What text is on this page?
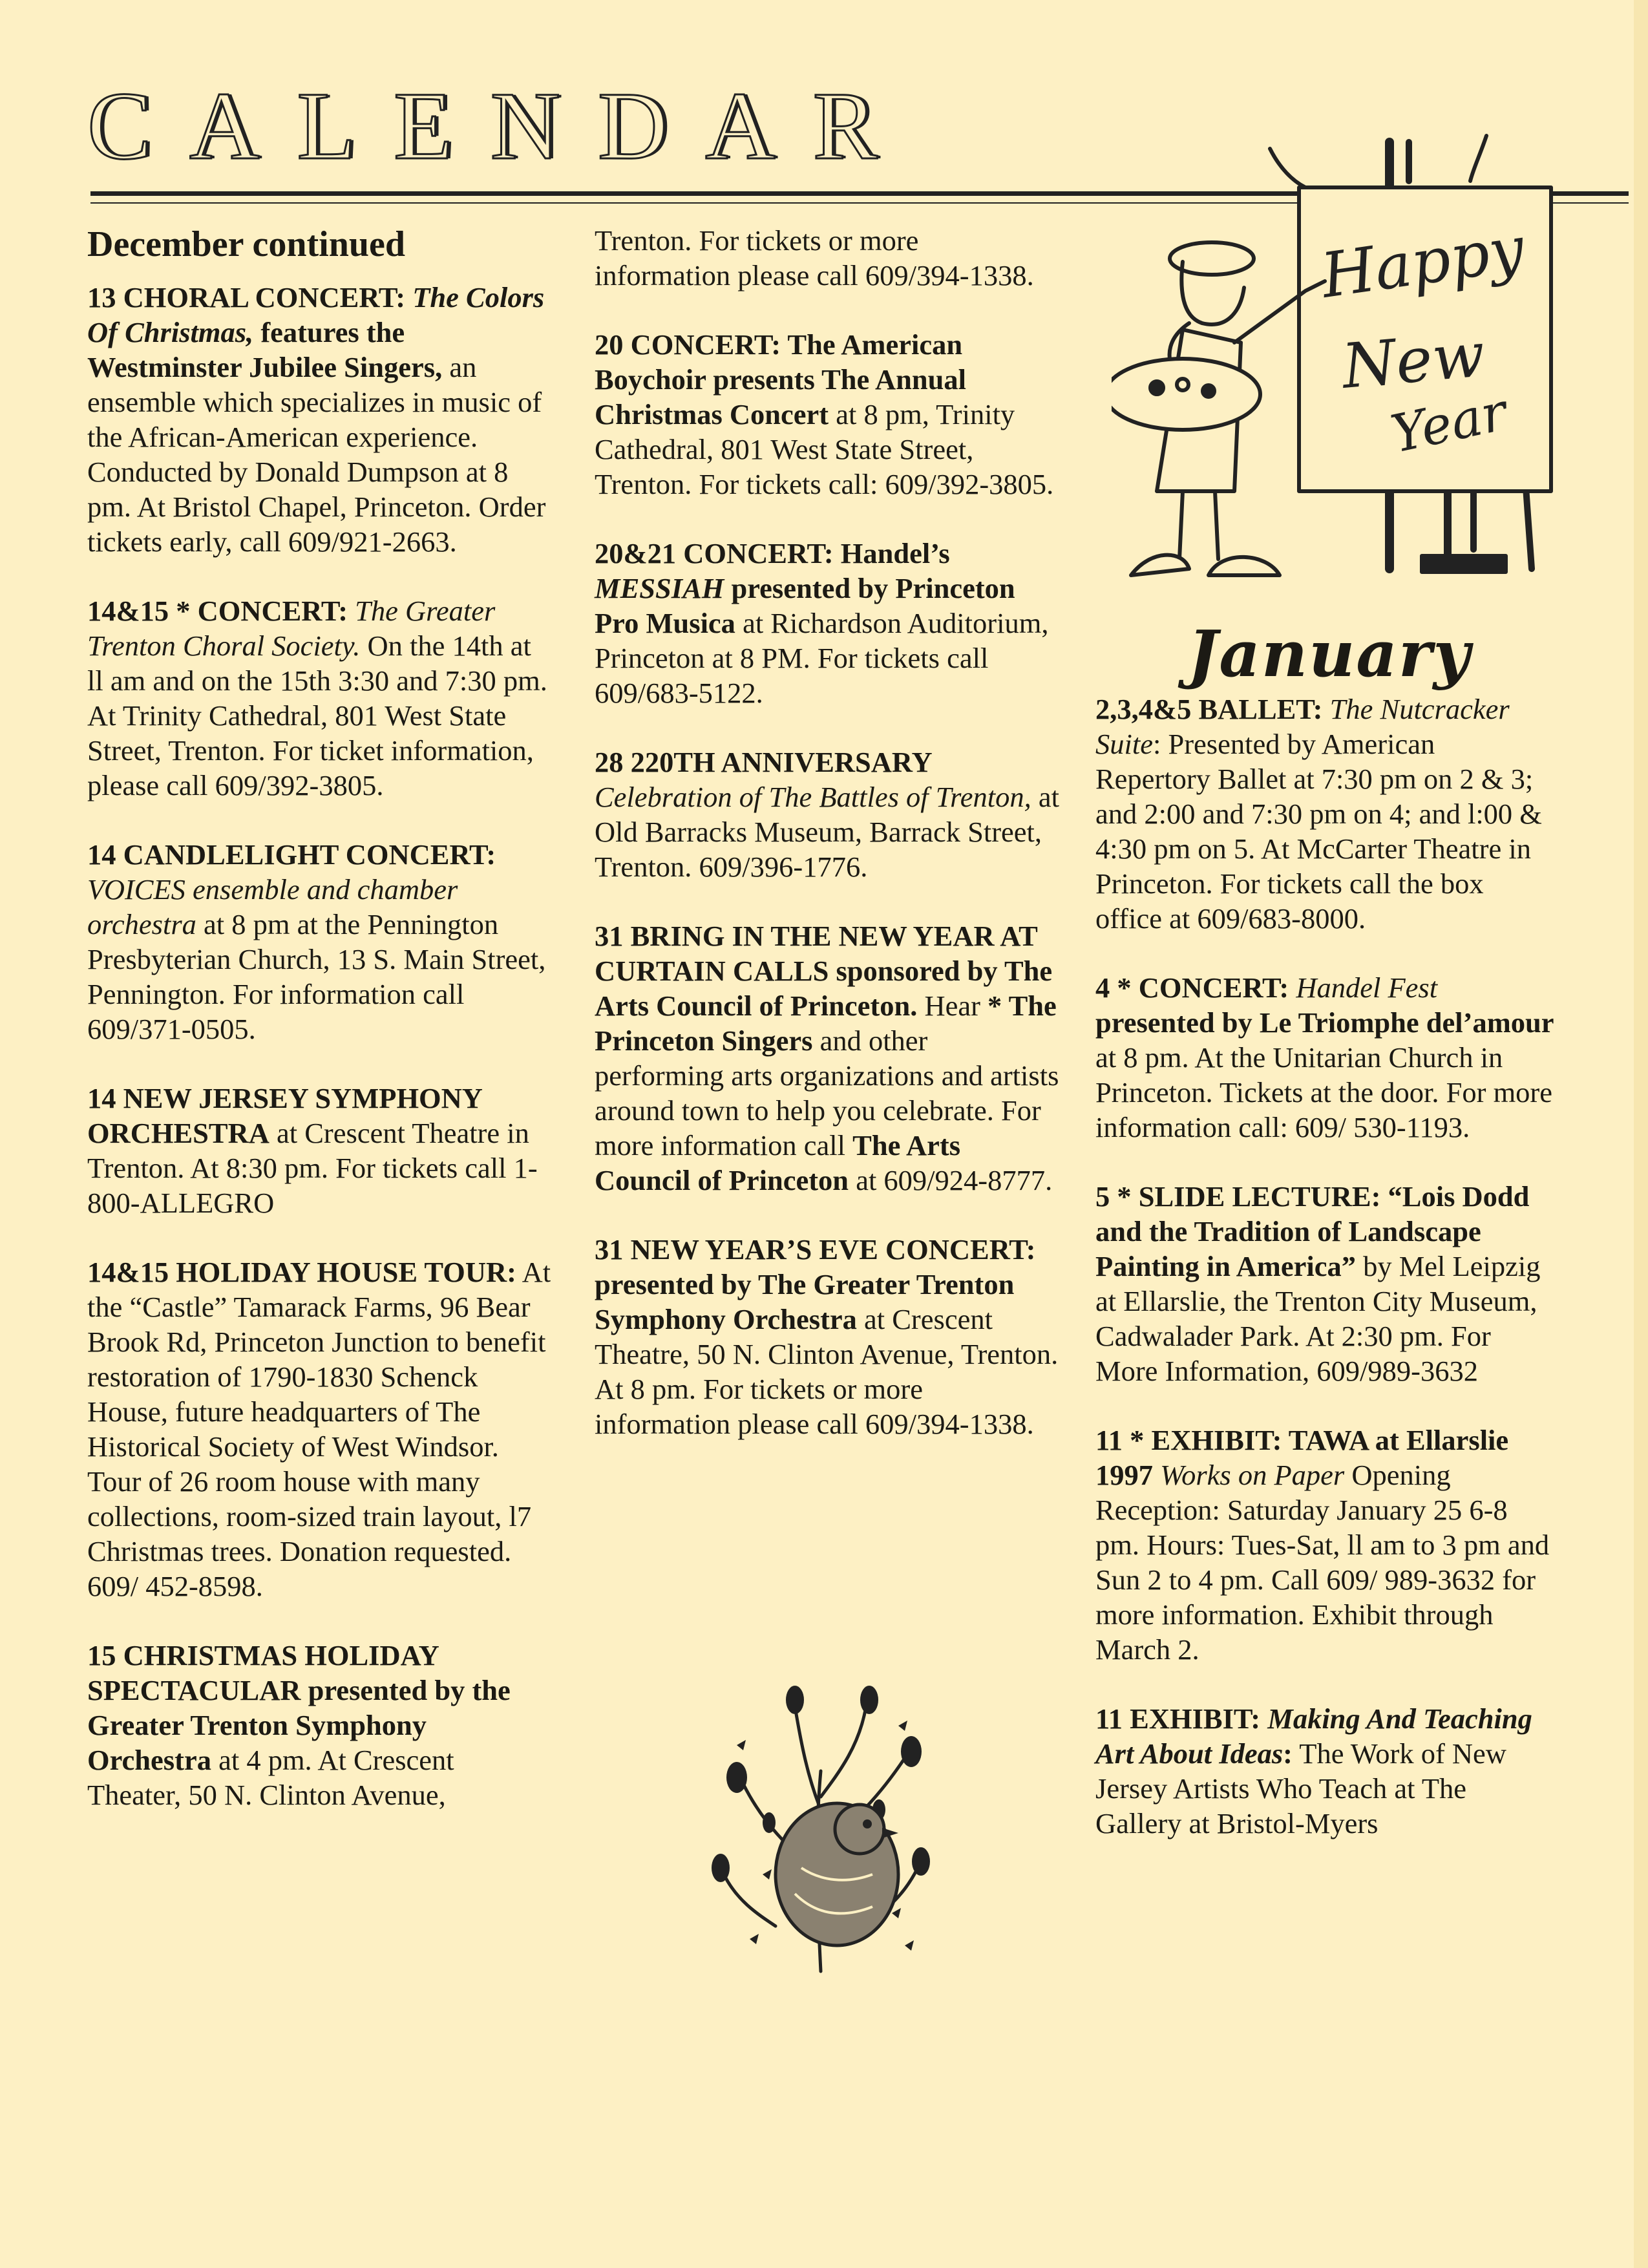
CALENDAR
December continued

13 CHORAL CONCERT: The Colors Of Christmas, features the Westminster Jubilee Singers, an ensemble which specializes in music of the African-American experience. Conducted by Donald Dumpson at 8 pm. At Bristol Chapel, Princeton. Order tickets early, call 609/921-2663.

14&15 * CONCERT: The Greater Trenton Choral Society. On the 14th at ll am and on the 15th 3:30 and 7:30 pm. At Trinity Cathedral, 801 West State Street, Trenton. For ticket information, please call 609/392-3805.

14 CANDLELIGHT CONCERT: VOICES ensemble and chamber orchestra at 8 pm at the Pennington Presbyterian Church, 13 S. Main Street, Pennington. For information call 609/371-0505.

14 NEW JERSEY SYMPHONY ORCHESTRA at Crescent Theatre in Trenton. At 8:30 pm. For tickets call 1-800-ALLEGRO

14&15 HOLIDAY HOUSE TOUR: At the “Castle” Tamarack Farms, 96 Bear Brook Rd, Princeton Junction to benefit restoration of 1790-1830 Schenck House, future headquarters of The Historical Society of West Windsor. Tour of 26 room house with many collections, room-sized train layout, l7 Christmas trees. Donation requested. 609/ 452-8598.

15 CHRISTMAS HOLIDAY SPECTACULAR presented by the Greater Trenton Symphony Orchestra at 4 pm. At Crescent Theater, 50 N. Clinton Avenue,

Trenton. For tickets or more information please call 609/394-1338.

20 CONCERT: The American Boychoir presents The Annual Christmas Concert at 8 pm, Trinity Cathedral, 801 West State Street, Trenton. For tickets call: 609/392-3805.

20&21 CONCERT: Handel’s MESSIAH presented by Princeton Pro Musica at Richardson Auditorium, Princeton at 8 PM. For tickets call 609/683-5122.

28 220TH ANNIVERSARY Celebration of The Battles of Trenton, at Old Barracks Museum, Barrack Street, Trenton. 609/396-1776.

31 BRING IN THE NEW YEAR AT CURTAIN CALLS sponsored by The Arts Council of Princeton. Hear * The Princeton Singers and other performing arts organizations and artists around town to help you celebrate. For more information call The Arts Council of Princeton at 609/924-8777.

31 NEW YEAR’S EVE CONCERT: presented by The Greater Trenton Symphony Orchestra at Crescent Theatre, 50 N. Clinton Avenue, Trenton. At 8 pm. For tickets or more information please call 609/394-1338.

Happy
New
Year
January

2,3,4&5 BALLET: The Nutcracker Suite: Presented by American Repertory Ballet at 7:30 pm on 2 & 3; and 2:00 and 7:30 pm on 4; and l:00 & 4:30 pm on 5. At McCarter Theatre in Princeton. For tickets call the box office at 609/683-8000.

4 * CONCERT: Handel Fest presented by Le Triomphe del’amour at 8 pm. At the Unitarian Church in Princeton. Tickets at the door. For more information call: 609/ 530-1193.

5 * SLIDE LECTURE: “Lois Dodd and the Tradition of Landscape Painting in America” by Mel Leipzig at Ellarslie, the Trenton City Museum, Cadwalader Park. At 2:30 pm. For More Information, 609/989-3632

11 * EXHIBIT: TAWA at Ellarslie 1997 Works on Paper Opening Reception: Saturday January 25 6-8 pm. Hours: Tues-Sat, ll am to 3 pm and Sun 2 to 4 pm. Call 609/ 989-3632 for more information. Exhibit through March 2.

11 EXHIBIT: Making And Teaching Art About Ideas: The Work of New Jersey Artists Who Teach at The Gallery at Bristol-Myers
